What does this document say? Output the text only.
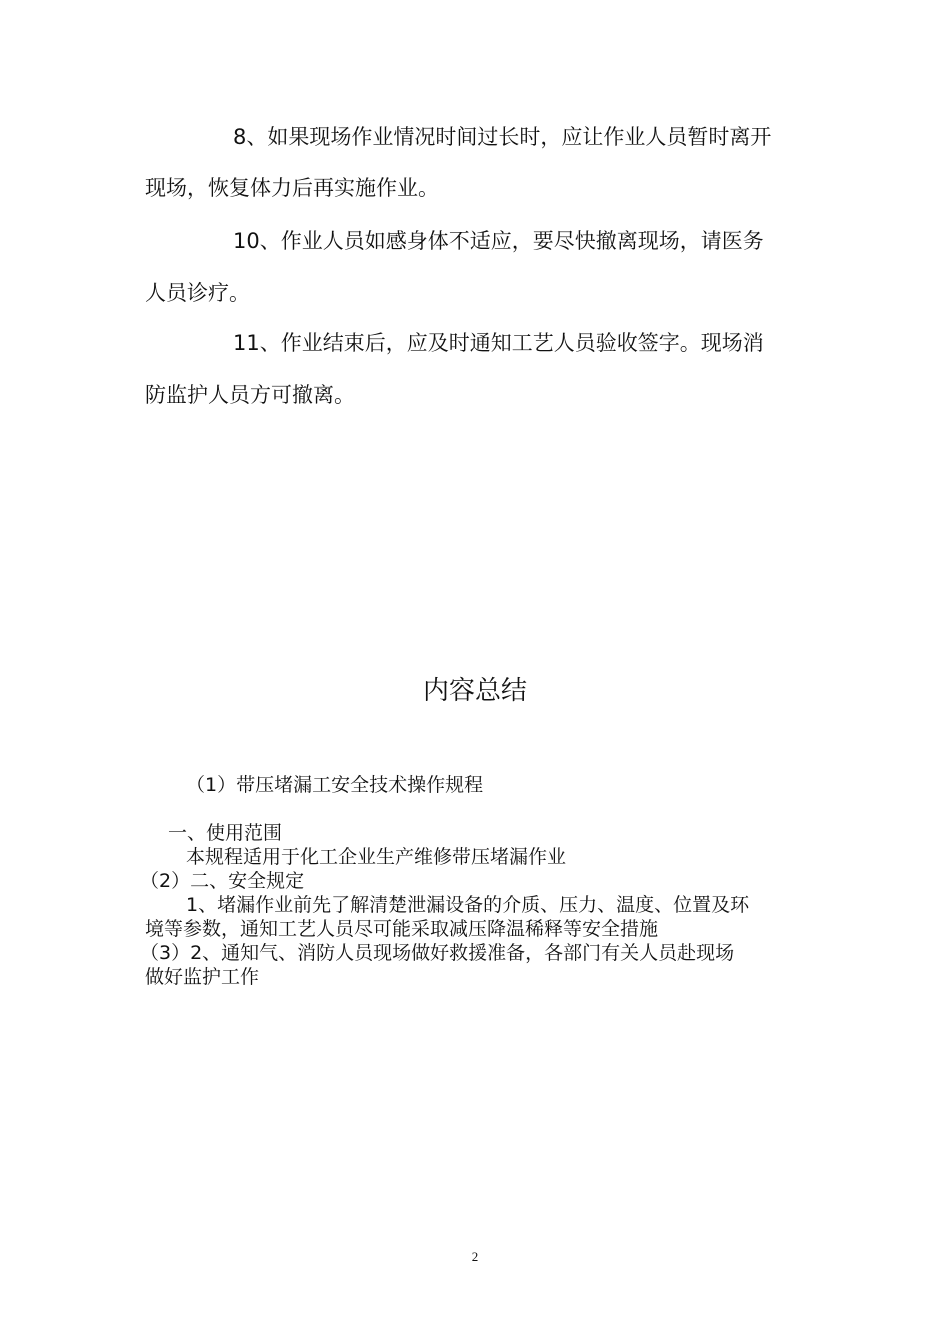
8、如果现场作业情况时间过长时，应让作业人员暂时离开
现场，恢复体力后再实施作业。
10、作业人员如感身体不适应，要尽快撤离现场，请医务
人员诊疗。
11、作业结束后，应及时通知工艺人员验收签字。现场消
防监护人员方可撤离。
内容总结
（1）带压堵漏工安全技术操作规程
一、使用范围
本规程适用于化工企业生产维修带压堵漏作业
（2）二、安全规定
1、堵漏作业前先了解清楚泄漏设备的介质、压力、温度、位置及环
境等参数，通知工艺人员尽可能采取减压降温稀释等安全措施
（3）2、通知气、消防人员现场做好救援准备，各部门有关人员赴现场
做好监护工作
2
